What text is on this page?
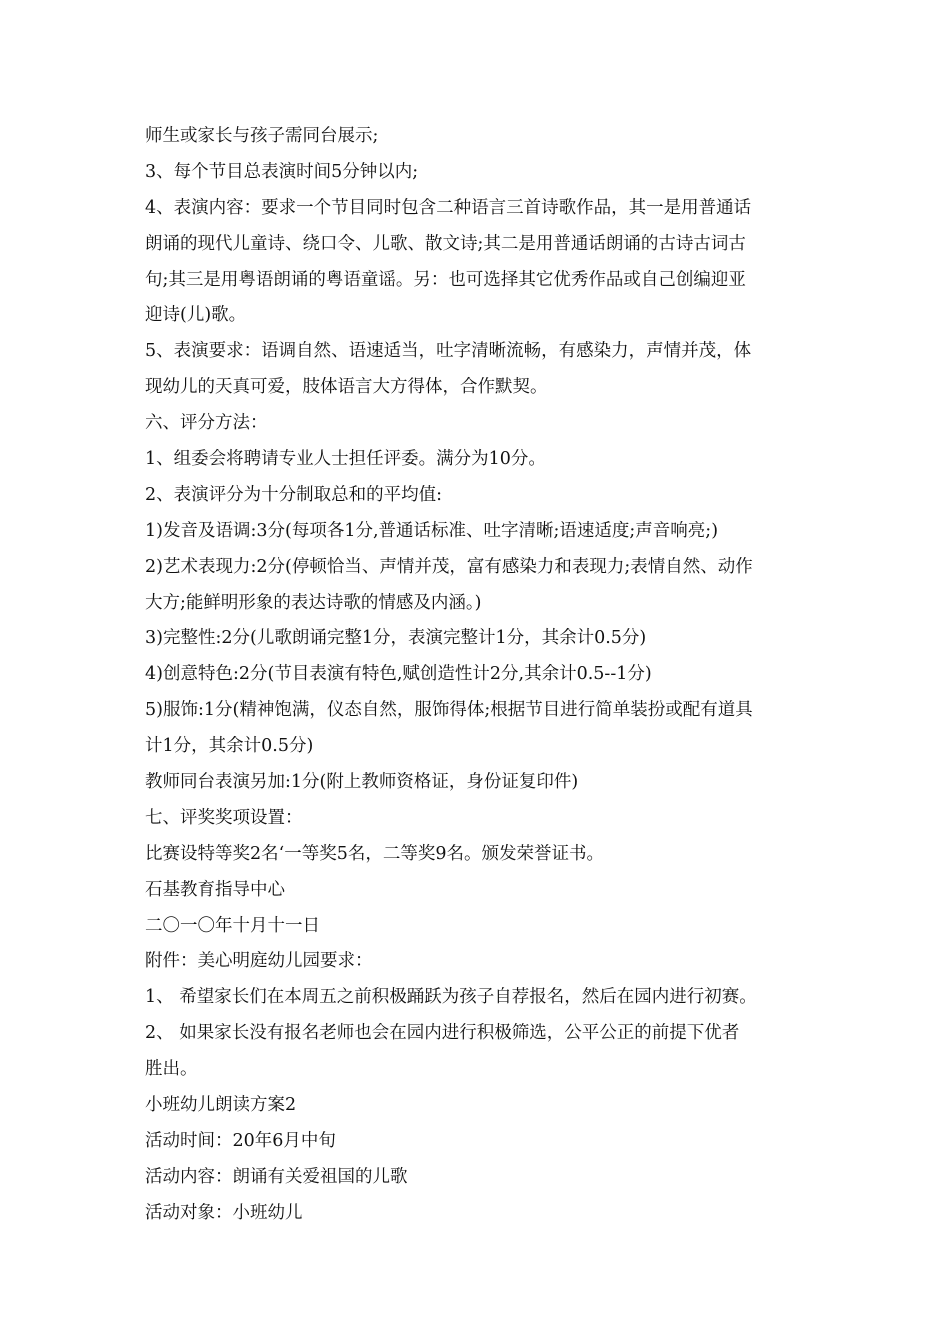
师生或家长与孩子需同台展示;
3、每个节目总表演时间5分钟以内;
4、表演内容：要求一个节目同时包含二种语言三首诗歌作品，其一是用普通话
朗诵的现代儿童诗、绕口令、儿歌、散文诗;其二是用普通话朗诵的古诗古词古
句;其三是用粤语朗诵的粤语童谣。另：也可选择其它优秀作品或自己创编迎亚
迎诗(儿)歌。
5、表演要求：语调自然、语速适当，吐字清晰流畅，有感染力，声情并茂，体
现幼儿的天真可爱，肢体语言大方得体，合作默契。
六、评分方法：
1、组委会将聘请专业人士担任评委。满分为10分。
2、表演评分为十分制取总和的平均值:
1)发音及语调:3分(每项各1分,普通话标准、吐字清晰;语速适度;声音响亮;)
2)艺术表现力:2分(停顿恰当、声情并茂，富有感染力和表现力;表情自然、动作
大方;能鲜明形象的表达诗歌的情感及内涵。)
3)完整性:2分(儿歌朗诵完整1分，表演完整计1分，其余计0.5分)
4)创意特色:2分(节目表演有特色,赋创造性计2分,其余计0.5--1分)
5)服饰:1分(精神饱满，仪态自然，服饰得体;根据节目进行简单装扮或配有道具
计1分，其余计0.5分)
教师同台表演另加:1分(附上教师资格证，身份证复印件)
七、评奖奖项设置：
比赛设特等奖2名‘一等奖5名，二等奖9名。颁发荣誉证书。
石基教育指导中心
二〇一〇年十月十一日
附件：美心明庭幼儿园要求：
1、 希望家长们在本周五之前积极踊跃为孩子自荐报名，然后在园内进行初赛。
2、 如果家长没有报名老师也会在园内进行积极筛选，公平公正的前提下优者
胜出。
小班幼儿朗读方案2
活动时间：20年6月中旬
活动内容：朗诵有关爱祖国的儿歌
活动对象：小班幼儿
